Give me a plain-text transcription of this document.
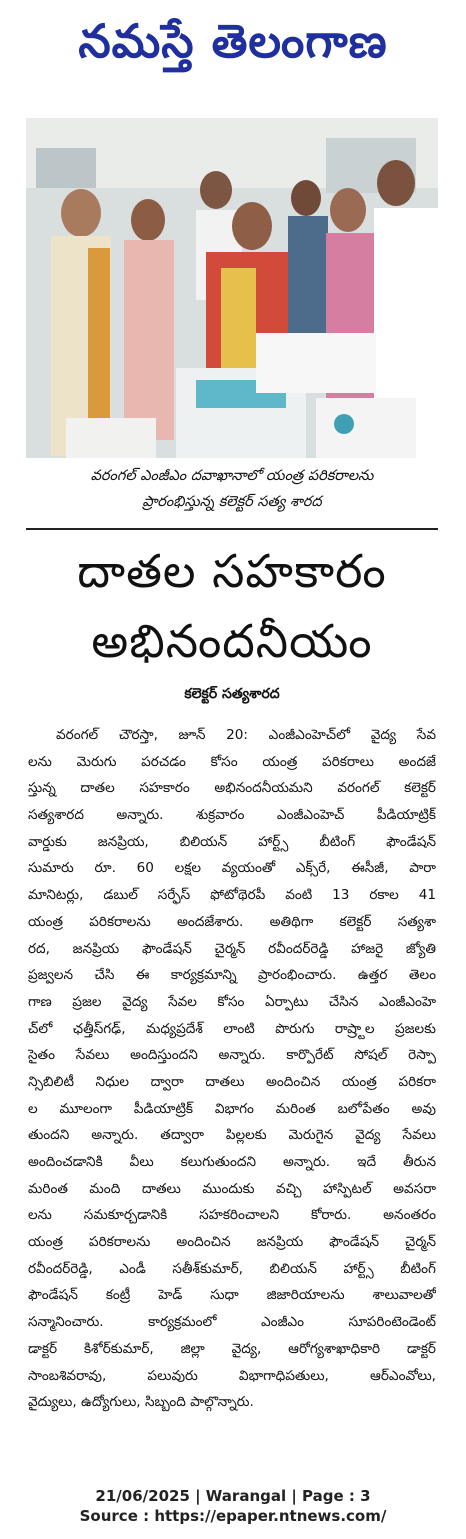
నమస్తే తెలంగాణ
వరంగల్ ఎంజీఎం దవాఖానాలో యంత్ర పరికరాలను
ప్రారంభిస్తున్న కలెక్టర్ సత్య శారద
దాతల సహకారం
అభినందనీయం
కలెక్టర్ సత్యశారద
వరంగల్ చౌరస్తా, జూన్ 20: ఎంజీఎంహెచ్‌లో వైద్య సేవ
లను మెరుగు పరచడం కోసం యంత్ర పరికరాలు అందజే
స్తున్న దాతల సహకారం అభినందనీయమని వరంగల్ కలెక్టర్
సత్యశారద అన్నారు. శుక్రవారం ఎంజీఎంహెచ్ పీడియాట్రిక్
వార్డుకు జనప్రియ, బిలియన్ హార్ట్స్ బీటింగ్ ఫౌండేషన్
సుమారు రూ. 60 లక్షల వ్యయంతో ఎక్స్‌రే, ఈసీజీ, పారా
మానిటర్లు, డబుల్ సర్ఫేస్ ఫోటోథెరపీ వంటి 13 రకాల 41
యంత్ర పరికరాలను అందజేశారు. అతిథిగా కలెక్టర్ సత్యశా
రద, జనప్రియ ఫౌండేషన్ చైర్మన్ రవీందర్‌రెడ్డి హాజరై జ్యోతి
ప్రజ్వలన చేసి ఈ కార్యక్రమాన్ని ప్రారంభించారు. ఉత్తర తెలం
గాణ ప్రజల వైద్య సేవల కోసం ఏర్పాటు చేసిన ఎంజీఎంహె
చ్‌లో ఛత్తీస్‌గఢ్, మధ్యప్రదేశ్ లాంటి పొరుగు రాష్ర్టాల ప్రజలకు
సైతం సేవలు అందిస్తుందని అన్నారు. కార్పొరేట్ సోషల్ రెస్పా
న్సిబిలిటీ నిధుల ద్వారా దాతలు అందించిన యంత్ర పరికరా
ల మూలంగా పీడియాట్రిక్ విభాగం మరింత బలోపేతం అవు
తుందని అన్నారు. తద్వారా పిల్లలకు మెరుగైన వైద్య సేవలు
అందించడానికి వీలు కలుగుతుందని అన్నారు. ఇదే తీరున
మరింత మంది దాతలు ముందుకు వచ్చి హాస్పిటల్ అవసరా
లను సమకూర్చడానికి సహకరించాలని కోరారు. అనంతరం
యంత్ర పరికరాలను అందించిన జనప్రియ ఫౌండేషన్ చైర్మన్
రవీందర్‌రెడ్డి, ఎండీ సతీశ్‌కుమార్, బిలియన్ హార్ట్స్ బీటింగ్
ఫౌండేషన్ కంట్రీ హెడ్ సుధా జిజారియాలను శాలువాలతో
సన్మానించారు. కార్యక్రమంలో ఎంజీఎం సూపరింటెండెంట్
డాక్టర్ కిశోర్‌కుమార్, జిల్లా వైద్య, ఆరోగ్యశాఖాధికారి డాక్టర్
సాంబశివరావు, పలువురు విభాగాధిపతులు, ఆర్‌ఎంవోలు,
వైద్యులు, ఉద్యోగులు, సిబ్బంది పాల్గొన్నారు.
21/06/2025 | Warangal | Page : 3
Source : https://epaper.ntnews.com/
